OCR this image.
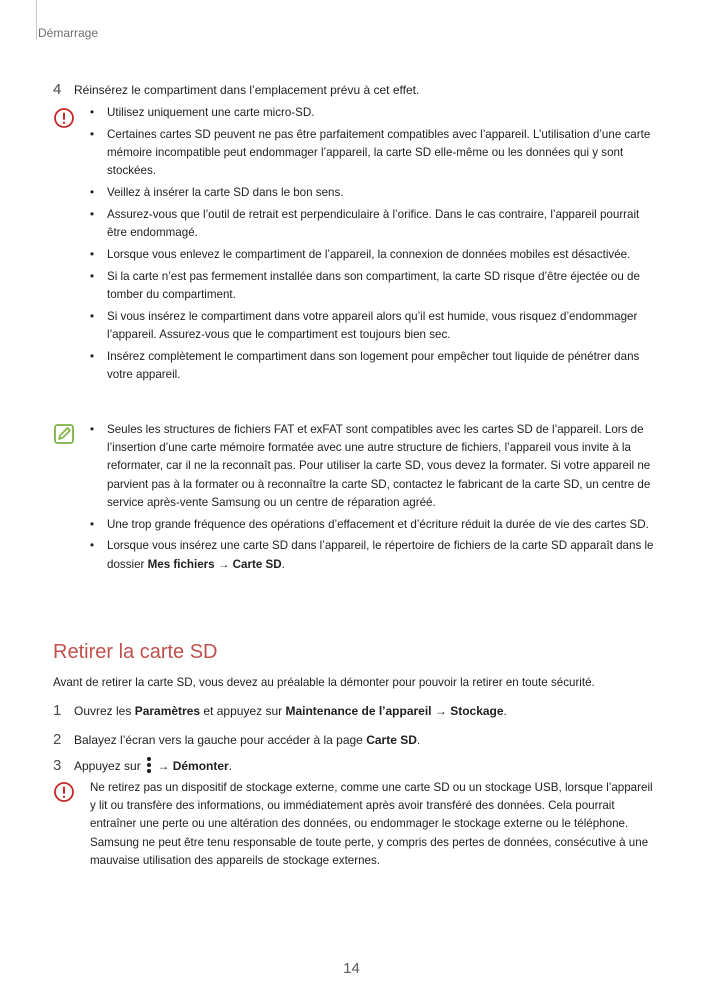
Démarrage
4	Réinsérez le compartiment dans l’emplacement prévu à cet effet.
• Utilisez uniquement une carte micro-SD.
• Certaines cartes SD peuvent ne pas être parfaitement compatibles avec l’appareil. L’utilisation d’une carte mémoire incompatible peut endommager l’appareil, la carte SD elle-même ou les données qui y sont stockées.
• Veillez à insérer la carte SD dans le bon sens.
• Assurez-vous que l’outil de retrait est perpendiculaire à l’orifice. Dans le cas contraire, l’appareil pourrait être endommagé.
• Lorsque vous enlevez le compartiment de l’appareil, la connexion de données mobiles est désactivée.
• Si la carte n’est pas fermement installée dans son compartiment, la carte SD risque d’être éjectée ou de tomber du compartiment.
• Si vous insérez le compartiment dans votre appareil alors qu’il est humide, vous risquez d’endommager l’appareil. Assurez-vous que le compartiment est toujours bien sec.
• Insérez complètement le compartiment dans son logement pour empêcher tout liquide de pénétrer dans votre appareil.
• Seules les structures de fichiers FAT et exFAT sont compatibles avec les cartes SD de l’appareil. Lors de l’insertion d’une carte mémoire formatée avec une autre structure de fichiers, l’appareil vous invite à la reformater, car il ne la reconnaît pas. Pour utiliser la carte SD, vous devez la formater. Si votre appareil ne parvient pas à la formater ou à reconnaître la carte SD, contactez le fabricant de la carte SD, un centre de service après-vente Samsung ou un centre de réparation agréé.
• Une trop grande fréquence des opérations d’effacement et d’écriture réduit la durée de vie des cartes SD.
• Lorsque vous insérez une carte SD dans l’appareil, le répertoire de fichiers de la carte SD apparaît dans le dossier Mes fichiers → Carte SD.
Retirer la carte SD
Avant de retirer la carte SD, vous devez au préalable la démonter pour pouvoir la retirer en toute sécurité.
1	Ouvrez les Paramètres et appuyez sur Maintenance de l’appareil → Stockage.
2	Balayez l’écran vers la gauche pour accéder à la page Carte SD.
3	Appuyez sur  → Démonter.
Ne retirez pas un dispositif de stockage externe, comme une carte SD ou un stockage USB, lorsque l’appareil y lit ou transfère des informations, ou immédiatement après avoir transféré des données. Cela pourrait entraîner une perte ou une altération des données, ou endommager le stockage externe ou le téléphone. Samsung ne peut être tenu responsable de toute perte, y compris des pertes de données, consécutive à une mauvaise utilisation des appareils de stockage externes.
14
